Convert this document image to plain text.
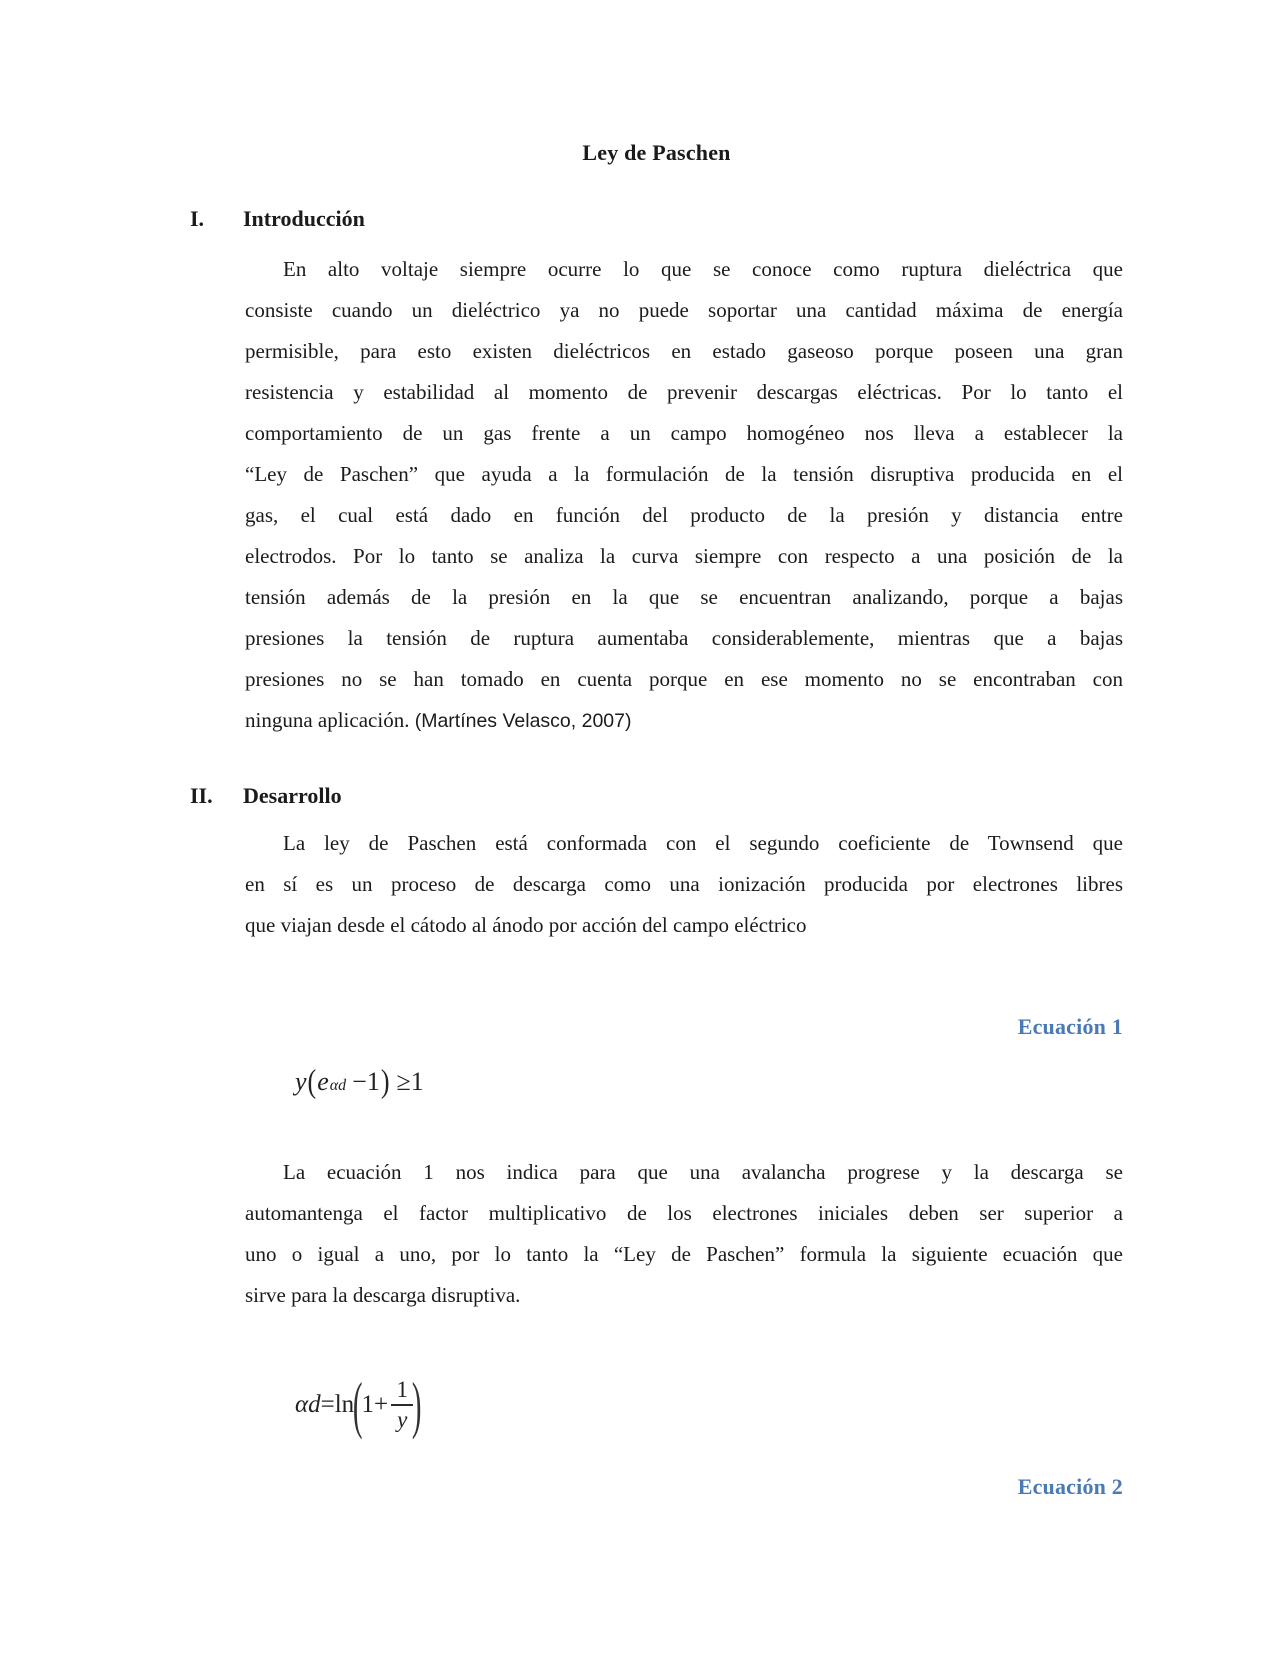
Ley de Paschen
I.	Introducción
En alto voltaje siempre ocurre lo que se conoce como ruptura dieléctrica que
consiste cuando un dieléctrico ya no puede soportar una cantidad máxima de energía
permisible, para esto existen dieléctricos en estado gaseoso porque poseen una gran
resistencia y estabilidad al momento de prevenir descargas eléctricas. Por lo tanto el
comportamiento de un gas frente a un campo homogéneo nos lleva a establecer la
“Ley de Paschen” que ayuda a la formulación de la tensión disruptiva producida en el
gas, el cual está dado en función del producto de la presión y distancia entre
electrodos. Por lo tanto se analiza la curva siempre con respecto a una posición de la
tensión además de la presión en la que se encuentran analizando, porque a bajas
presiones la tensión de ruptura aumentaba considerablemente, mientras que a bajas
presiones no se han tomado en cuenta porque en ese momento no se encontraban con
ninguna aplicación. (Martínes Velasco, 2007)
II.	Desarrollo
La ley de Paschen está conformada con el segundo coeficiente de Townsend que
en sí es un proceso de descarga como una ionización producida por electrones libres
que viajan desde el cátodo al ánodo por acción del campo eléctrico
Ecuación 1
y ( e αd −1 ) ≥1
La ecuación 1 nos indica para que una avalancha progrese y la descarga se
automantenga el factor multiplicativo de los electrones iniciales deben ser superior a
uno o igual a uno, por lo tanto la “Ley de Paschen” formula la siguiente ecuación que
sirve para la descarga disruptiva.
αd =ln
(
$1+ \frac{1}{y}$
)
Ecuación 2
